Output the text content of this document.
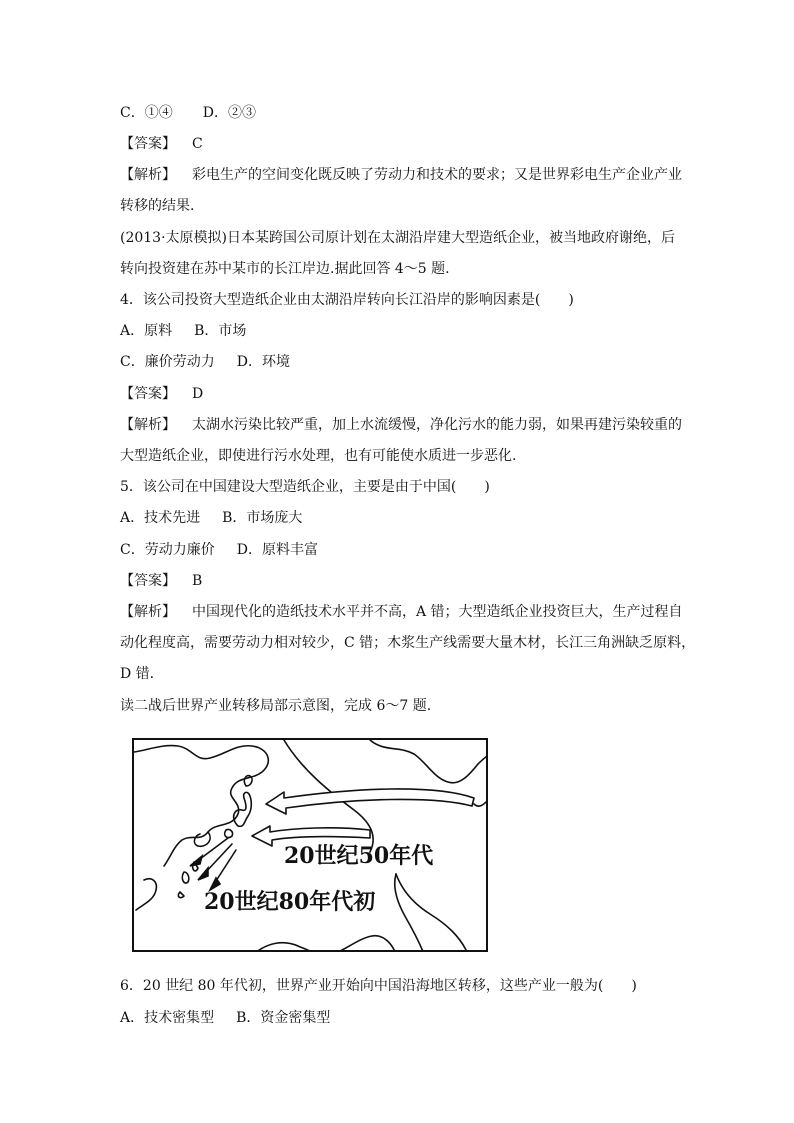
C．①④ D．②③
【答案】 C
【解析】 彩电生产的空间变化既反映了劳动力和技术的要求；又是世界彩电生产企业产业
转移的结果.
(2013·太原模拟)日本某跨国公司原计划在太湖沿岸建大型造纸企业，被当地政府谢绝，后
转向投资建在苏中某市的长江岸边.据此回答 4～5 题.
4．该公司投资大型造纸企业由太湖沿岸转向长江沿岸的影响因素是(　　)
A．原料 B．市场
C．廉价劳动力 D．环境
【答案】 D
【解析】 太湖水污染比较严重，加上水流缓慢，净化污水的能力弱，如果再建污染较重的
大型造纸企业，即使进行污水处理，也有可能使水质进一步恶化.
5．该公司在中国建设大型造纸企业，主要是由于中国(　　)
A．技术先进 B．市场庞大
C．劳动力廉价 D．原料丰富
【答案】 B
【解析】 中国现代化的造纸技术水平并不高，A 错；大型造纸企业投资巨大，生产过程自
动化程度高，需要劳动力相对较少，C 错；木浆生产线需要大量木材，长江三角洲缺乏原料，
D 错.
读二战后世界产业转移局部示意图，完成 6～7 题.
20世纪50年代
20世纪80年代初
6．20 世纪 80 年代初，世界产业开始向中国沿海地区转移，这些产业一般为(　　)
A．技术密集型 B．资金密集型
